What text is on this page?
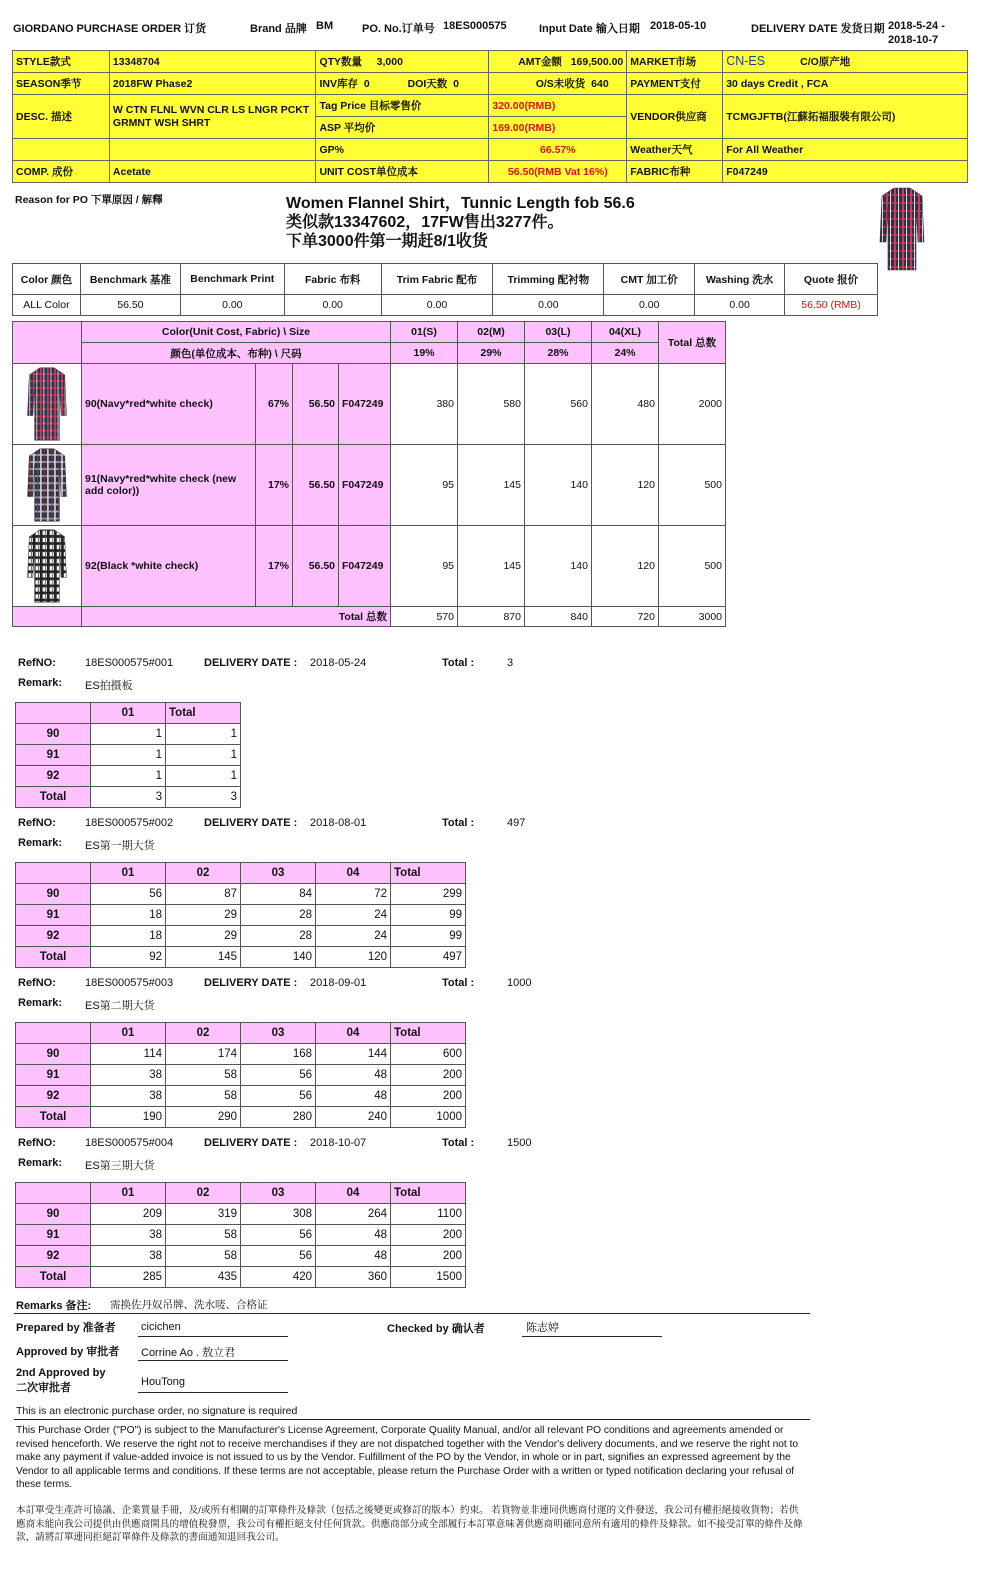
GIORDANO PURCHASE ORDER 订货	Brand 品牌 BM	PO. No.订单号 18ES000575	Input Date 输入日期 2018-05-10	DELIVERY DATE 发货日期 2018-5-24 -
2018-10-7
STYLE款式	13348704	QTY数量 3,000	AMT金额 169,500.00	MARKET市场	CN-ES C/O原产地
SEASON季节	2018FW Phase2	INV库存 0 DOI天数 0	O/S未收货 640	PAYMENT支付	30 days Credit , FCA
DESC. 描述	W CTN FLNL WVN CLR LS LNGR PCKT GRMNT WSH SHRT	Tag Price 目标零售价	320.00(RMB)	VENDOR供应商	TCMGJFTB(江蘇拓福服裝有限公司)
		ASP 平均价	169.00(RMB)		
		GP%	66.57%	Weather天气	For All Weather
COMP. 成份	Acetate	UNIT COST单位成本	56.50(RMB Vat 16%)	FABRIC布种	F047249
Reason for PO 下單原因 / 解釋	Women Flannel Shirt，Tunnic Length fob 56.6
类似款13347602，17FW售出3277件。
下单3000件第一期赶8/1收货
Color 颜色	Benchmark 基准	Benchmark Print	Fabric 布料	Trim Fabric 配布	Trimming 配衬物	CMT 加工价	Washing 洗水	Quote 报价
ALL Color	56.50	0.00	0.00	0.00	0.00	0.00	0.00	56.50 (RMB)
	Color(Unit Cost, Fabric) \ Size				01(S)	02(M)	03(L)	04(XL)	Total 总数
	颜色(单位成本、布种) \ 尺码				19%	29%	28%	24%	

	90(Navy*red*white check)	67%	56.50	F047249	380	580	560	480	2000

	91(Navy*red*white check (new add color))	17%	56.50	F047249	95	145	140	120	500

	92(Black *white check)	17%	56.50	F047249	95	145	140	120	500
	Total 总数				570	870	840	720	3000
RefNO:	18ES000575#001	DELIVERY DATE : 2018-05-24	Total :	3
Remark: ES拍摄板
	01	Total
90	1	1
91	1	1
92	1	1
Total	3	3
RefNO:	18ES000575#002	DELIVERY DATE : 2018-08-01	Total :	497
Remark: ES第一期大货
	01	02	03	04	Total
90	56	87	84	72	299
91	18	29	28	24	99
92	18	29	28	24	99
Total	92	145	140	120	497
RefNO:	18ES000575#003	DELIVERY DATE : 2018-09-01	Total :	1000
Remark: ES第二期大货
	01	02	03	04	Total
90	114	174	168	144	600
91	38	58	56	48	200
92	38	58	56	48	200
Total	190	290	280	240	1000
RefNO:	18ES000575#004	DELIVERY DATE : 2018-10-07	Total :	1500
Remark: ES第三期大货
	01	02	03	04	Total
90	209	319	308	264	1100
91	38	58	56	48	200
92	38	58	56	48	200
Total	285	435	420	360	1500
Remarks 备注: 需换佐丹奴吊牌、洗水唛、合格证
Prepared by 准备者 cicichen	Checked by 确认者	陈志婷
Approved by 审批者 Corrine Ao . 敖立君
2nd Approved by
二次审批者	HouTong
This is an electronic purchase order, no signature is required
This Purchase Order ("PO") is subject to the Manufacturer's License Agreement, Corporate Quality Manual, and/or all relevant PO conditions and agreements amended or revised henceforth. We reserve the right not to receive merchandises if they are not dispatched together with the Vendor's delivery documents, and we reserve the right not to make any payment if value-added invoice is not issued to us by the Vendor. Fulfillment of the PO by the Vendor, in whole or in part, signifies an expressed agreement by the Vendor to all applicable terms and conditions. If these terms are not acceptable, please return the Purchase Order with a written or typed notification declaring your refusal of these terms.
本訂單受生產許可協議、企業質量手冊，及/或所有相關的訂單條件及條款（包括之後變更或修訂的版本）約束。 若貨物並非連同供應商付運的文件發送，我公司有權拒絕接收貨物；若供應商未能向我公司提供由供應商開具的增值稅發票，我公司有權拒絕支付任何貨款。供應商部分或全部履行本訂單意味著供應商明確同意所有適用的條件及條款。如不接受訂單的條件及條款，請將訂單連同拒絕訂單條件及條款的書面通知退回我公司。
